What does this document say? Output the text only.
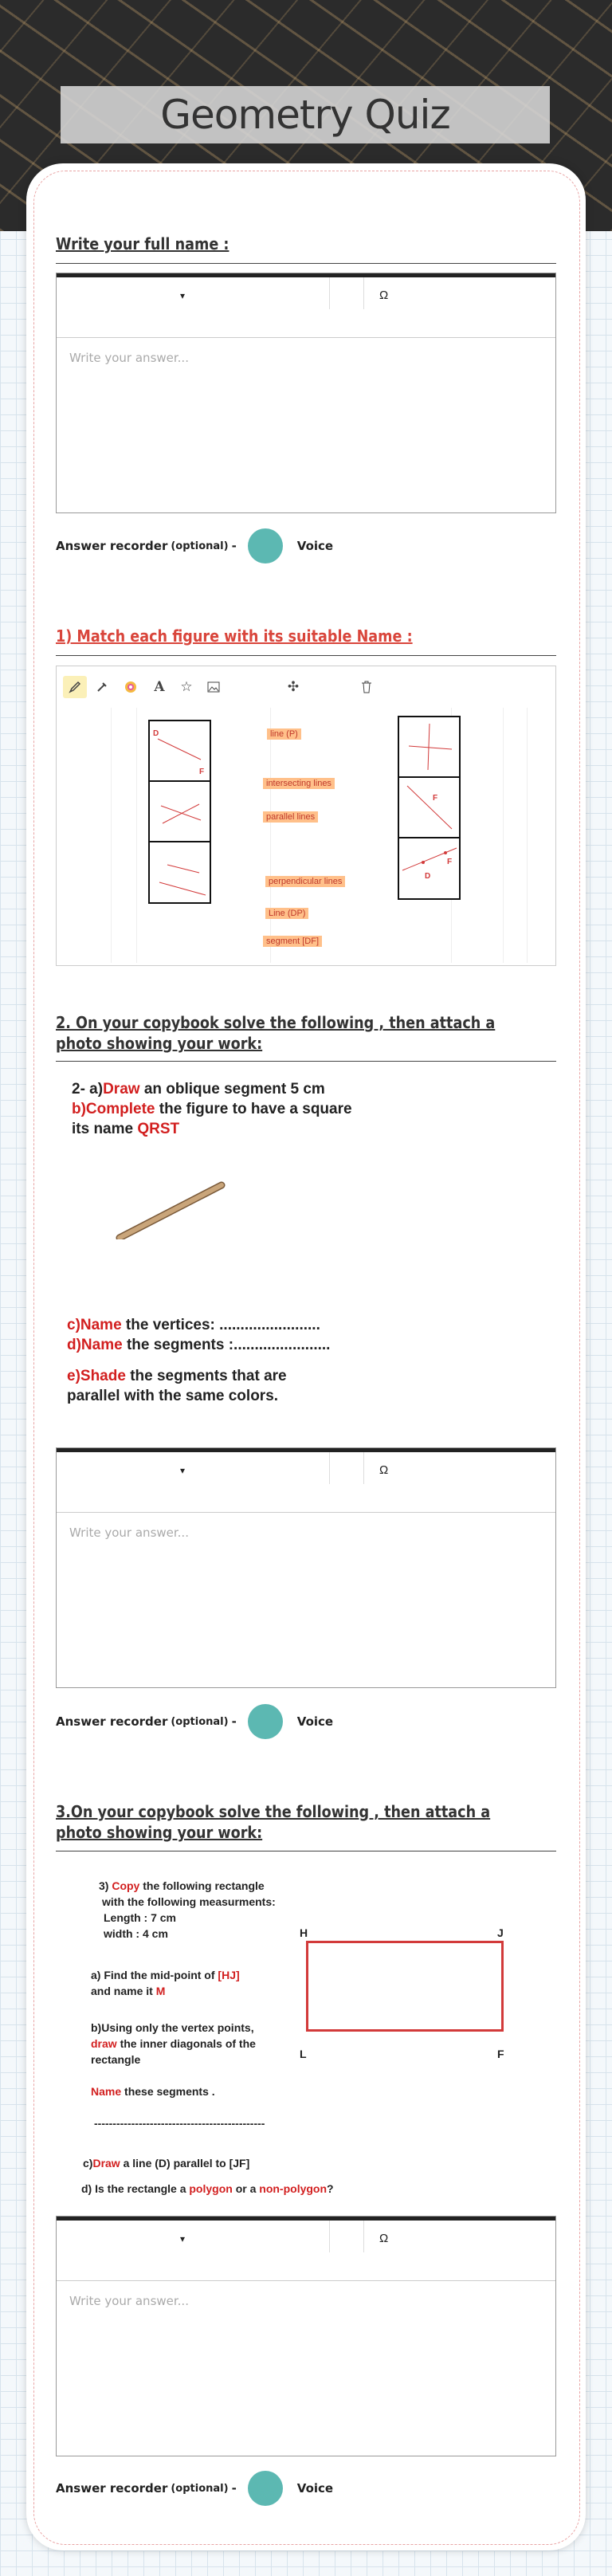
Geometry Quiz
Write your full name :
▾	Ω
Write your answer...
Answer recorder (optional) -	Voice
1) Match each figure with its suitable Name :
A	☆	✣
D
F
line (P)
intersecting lines
parallel lines
perpendicular lines
Line (DP)
segment [DF]
F
F
D
2. On your copybook solve the following , then attach a photo showing your work:
2- a)Draw an oblique segment 5 cm
b)Complete the figure to have a square
its name QRST
c)Name the vertices: ........................
d)Name the segments :.......................
e)Shade the segments that are
parallel with the same colors.
▾	Ω
Write your answer...
Answer recorder (optional) -	Voice
3.On your copybook solve the following , then attach a photo showing your work:
3) Copy the following rectangle
with the following measurments:
Length : 7 cm
width : 4 cm
a) Find the mid-point of [HJ]
and name it M
b)Using only the vertex points,
draw the inner diagonals of the
rectangle
Name these segments .
----------------------------------------------
c)Draw a line (D) parallel to [JF]
d) Is the rectangle a polygon or a non-polygon?
H	J
L	F
▾	Ω
Write your answer...
Answer recorder (optional) -	Voice
